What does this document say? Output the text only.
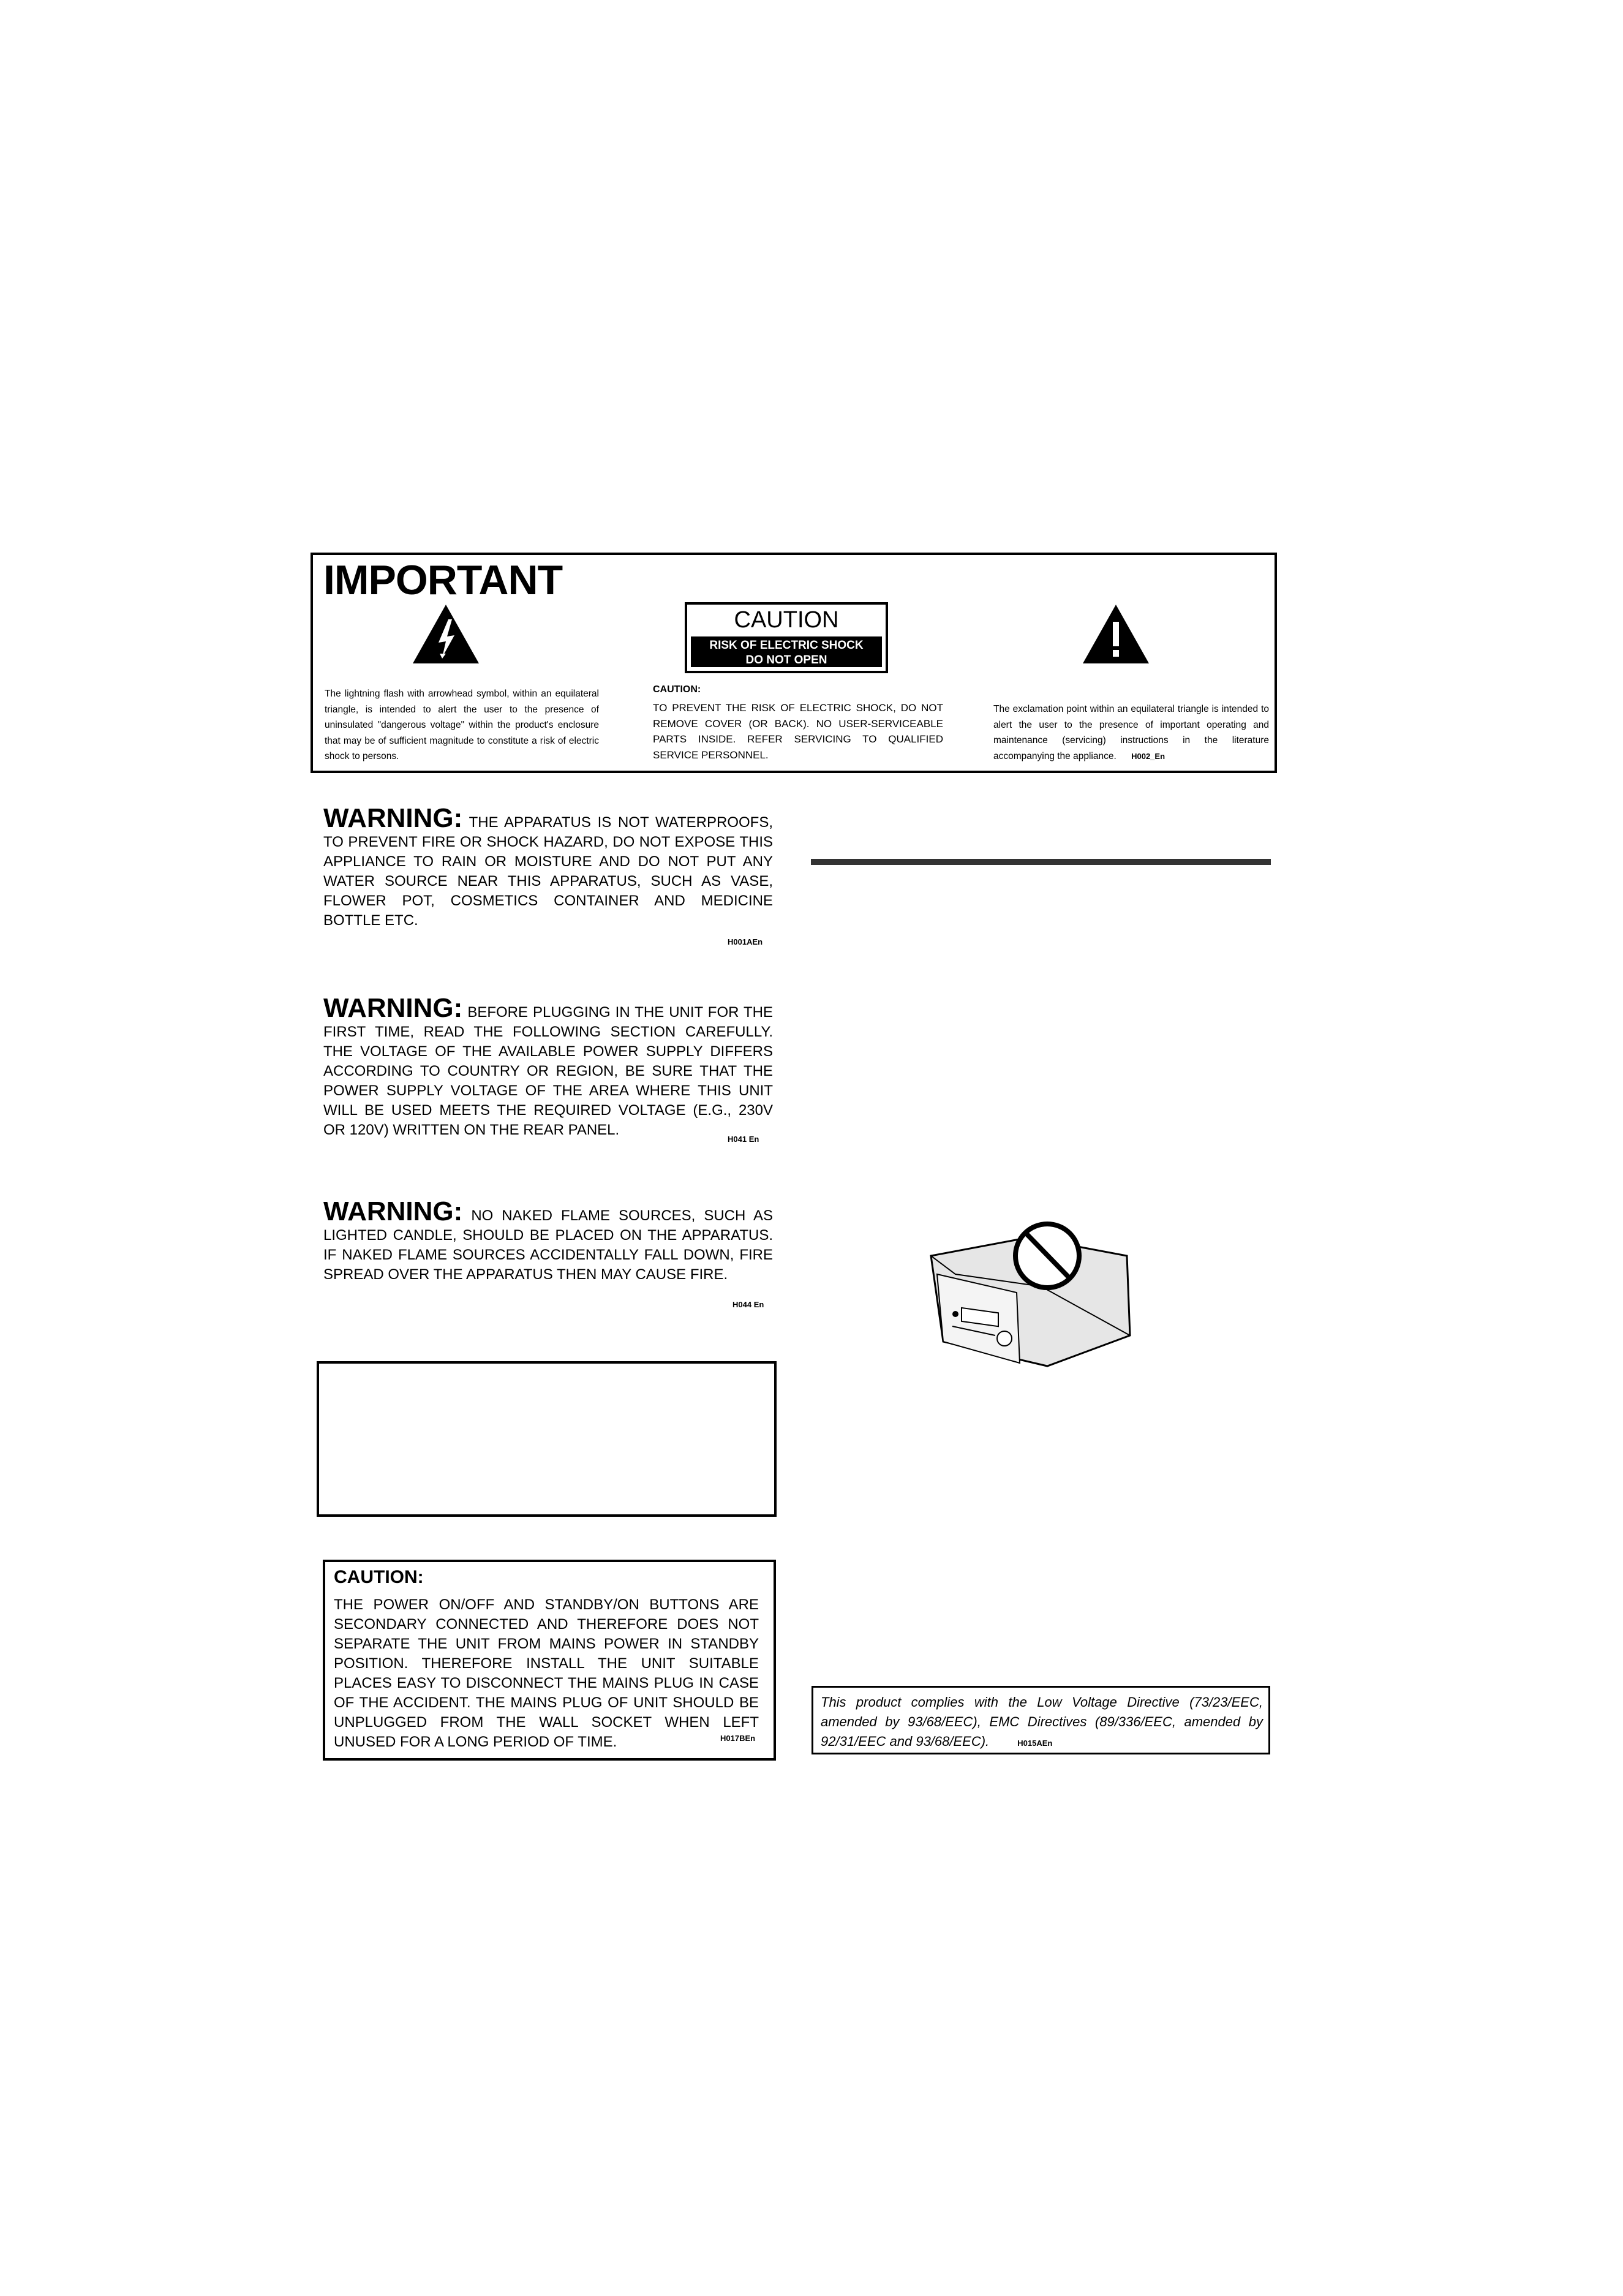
IMPORTANT
CAUTION
RISK OF ELECTRIC SHOCK
DO NOT OPEN
The lightning flash with arrowhead symbol, within an equilateral triangle, is intended to alert the user to the presence of uninsulated "dangerous voltage" within the product's enclosure that may be of sufficient magnitude to constitute a risk of electric shock to persons.
CAUTION:
TO PREVENT THE RISK OF ELECTRIC SHOCK, DO NOT REMOVE COVER (OR BACK). NO USER-SERVICEABLE PARTS INSIDE. REFER SERVICING TO QUALIFIED SERVICE PERSONNEL.
The exclamation point within an equilateral triangle is intended to alert the user to the presence of important operating and maintenance (servicing) instructions in the literature accompanying the appliance. H002_En
WARNING: THE APPARATUS IS NOT WATERPROOFS, TO PREVENT FIRE OR SHOCK HAZARD, DO NOT EXPOSE THIS APPLIANCE TO RAIN OR MOISTURE AND DO NOT PUT ANY WATER SOURCE NEAR THIS APPARATUS, SUCH AS VASE, FLOWER POT, COSMETICS CONTAINER AND MEDICINE BOTTLE ETC.
H001AEn
WARNING: BEFORE PLUGGING IN THE UNIT FOR THE FIRST TIME, READ THE FOLLOWING SECTION CAREFULLY. THE VOLTAGE OF THE AVAILABLE POWER SUPPLY DIFFERS ACCORDING TO COUNTRY OR REGION, BE SURE THAT THE POWER SUPPLY VOLTAGE OF THE AREA WHERE THIS UNIT WILL BE USED MEETS THE REQUIRED VOLTAGE (E.G., 230V OR 120V) WRITTEN ON THE REAR PANEL.
H041 En
WARNING: NO NAKED FLAME SOURCES, SUCH AS LIGHTED CANDLE, SHOULD BE PLACED ON THE APPARATUS. IF NAKED FLAME SOURCES ACCIDENTALLY FALL DOWN, FIRE SPREAD OVER THE APPARATUS THEN MAY CAUSE FIRE.
H044 En
CAUTION:
THE POWER ON/OFF AND STANDBY/ON BUTTONS ARE SECONDARY CONNECTED AND THEREFORE DOES NOT SEPARATE THE UNIT FROM MAINS POWER IN STANDBY POSITION. THEREFORE INSTALL THE UNIT SUITABLE PLACES EASY TO DISCONNECT THE MAINS PLUG IN CASE OF THE ACCIDENT. THE MAINS PLUG OF UNIT SHOULD BE UNPLUGGED FROM THE WALL SOCKET WHEN LEFT UNUSED FOR A LONG PERIOD OF TIME.	H017BEn
This product complies with the Low Voltage Directive (73/23/EEC, amended by 93/68/EEC), EMC Directives (89/336/EEC, amended by 92/31/EEC and 93/68/EEC).	H015AEn
